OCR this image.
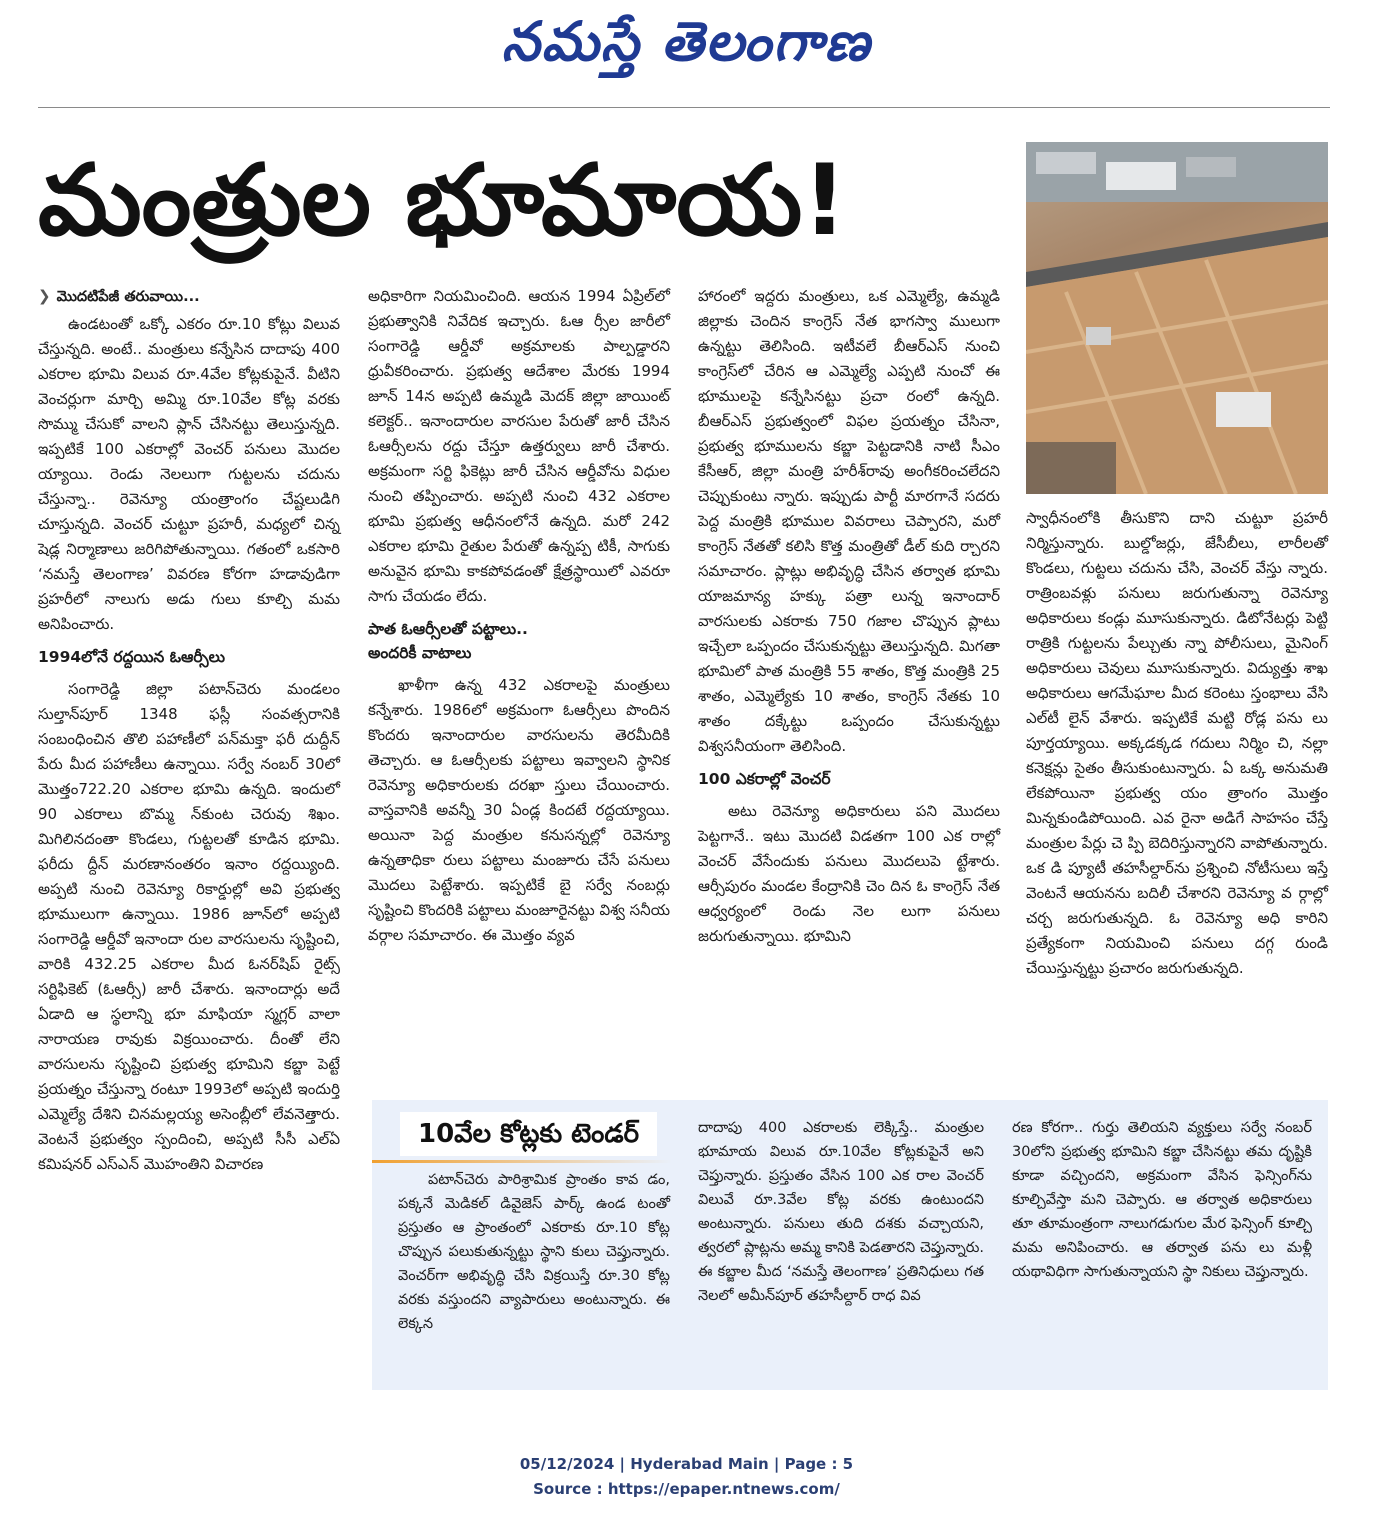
నమస్తే తెలంగాణ
మంత్రుల భూమాయ!
❯ మొదటిపేజీ తరువాయి...

ఉండటంతో ఒక్కో ఎకరం రూ.10 కోట్లు విలువ చేస్తున్నది. అంటే.. మంత్రులు కన్నేసిన దాదాపు 400 ఎకరాల భూమి విలువ రూ.4వేల కోట్లకుపైనే. వీటిని వెంచర్లుగా మార్చి అమ్మి రూ.10వేల కోట్ల వరకు సొమ్ము చేసుకో వాలని ప్లాన్ చేసినట్టు తెలుస్తున్నది. ఇప్పటికే 100 ఎకరాల్లో వెంచర్ పనులు మొదల య్యాయి. రెండు నెలలుగా గుట్టలను చదును చేస్తున్నా.. రెవెన్యూ యంత్రాంగం చేష్టలుడిగి చూస్తున్నది. వెంచర్ చుట్టూ ప్రహరీ, మధ్యలో చిన్న షెడ్ల నిర్మాణాలు జరిగిపోతున్నాయి. గతంలో ఒకసారి ‘నమస్తే తెలంగాణ’ వివరణ కోరగా హడావుడిగా ప్రహరీలో నాలుగు అడు గులు కూల్చి మమ అనిపించారు.

1994లోనే రద్దయిన ఓఆర్సీలు

సంగారెడ్డి జిల్లా పటాన్‌చెరు మండలం సుల్తాన్‌పూర్ 1348 ఫస్లీ సంవత్సరానికి సంబంధించిన తొలి పహాణీలో పన్‌మక్తా ఫరీ దుద్దీన్ పేరు మీద పహాణీలు ఉన్నాయి. సర్వే నంబర్ 30లో మొత్తం722.20 ఎకరాల భూమి ఉన్నది. ఇందులో 90 ఎకరాలు బొమ్మ న్‌కుంట చెరువు శిఖం. మిగిలినదంతా కొండలు, గుట్టలతో కూడిన భూమి. ఫరీదు ద్దీన్ మరణానంతరం ఇనాం రద్దయ్యింది. అప్పటి నుంచి రెవెన్యూ రికార్డుల్లో అవి ప్రభుత్వ భూములుగా ఉన్నాయి. 1986 జూన్‌లో అప్పటి సంగారెడ్డి ఆర్డీవో ఇనాందా రుల వారసులను సృష్టించి, వారికి 432.25 ఎకరాల మీద ఓనర్‌షిప్ రైట్స్ సర్టిఫికెట్ (ఓఆర్సీ) జారీ చేశారు. ఇనాందార్లు అదే ఏడాది ఆ స్థలాన్ని భూ మాఫియా స్మగ్లర్ వాలా నారాయణ రావుకు విక్రయించారు. దీంతో లేని వారసులను సృష్టించి ప్రభుత్వ భూమిని కబ్జా పెట్టే ప్రయత్నం చేస్తున్నా రంటూ 1993లో అప్పటి ఇందుర్తి ఎమ్మెల్యే దేశిని చినమల్లయ్య అసెంబ్లీలో లేవనెత్తారు. వెంటనే ప్రభుత్వం స్పందించి, అప్పటి సీసీ ఎల్ఏ కమిషనర్ ఎస్ఎన్ మొహంతిని విచారణ

అధికారిగా నియమించింది. ఆయన 1994 ఏప్రిల్‌లో ప్రభుత్వానికి నివేదిక ఇచ్చారు. ఓఆ ర్సీల జారీలో సంగారెడ్డి ఆర్డీవో అక్రమాలకు పాల్పడ్డారని ధ్రువీకరించారు. ప్రభుత్వ ఆదేశాల మేరకు 1994 జూన్ 14న అప్పటి ఉమ్మడి మెదక్ జిల్లా జాయింట్ కలెక్టర్.. ఇనాందారుల వారసుల పేరుతో జారీ చేసిన ఓఆర్సీలను రద్దు చేస్తూ ఉత్తర్వులు జారీ చేశారు. అక్రమంగా సర్టి ఫికెట్లు జారీ చేసిన ఆర్డీవోను విధుల నుంచి తప్పించారు. అప్పటి నుంచి 432 ఎకరాల భూమి ప్రభుత్వ ఆధీనంలోనే ఉన్నది. మరో 242 ఎకరాల భూమి రైతుల పేరుతో ఉన్నప్ప టికీ, సాగుకు అనువైన భూమి కాకపోవడంతో క్షేత్రస్థాయిలో ఎవరూ సాగు చేయడం లేదు.

పాత ఓఆర్సీలతో పట్టాలు..
అందరికీ వాటాలు

ఖాళీగా ఉన్న 432 ఎకరాలపై మంత్రులు కన్నేశారు. 1986లో అక్రమంగా ఓఆర్సీలు పొందిన కొందరు ఇనాందారుల వారసులను తెరమీదికి తెచ్చారు. ఆ ఓఆర్సీలకు పట్టాలు ఇవ్వాలని స్థానిక రెవెన్యూ అధికారులకు దరఖా స్తులు చేయించారు. వాస్తవానికి అవన్నీ 30 ఏండ్ల కిందటే రద్దయ్యాయి. అయినా పెద్ద మంత్రుల కనుసన్నల్లో రెవెన్యూ ఉన్నతాధికా రులు పట్టాలు మంజూరు చేసే పనులు మొదలు పెట్టేశారు. ఇప్పటికే బై సర్వే నంబర్లు సృష్టించి కొందరికి పట్టాలు మంజూరైనట్టు విశ్వ సనీయ వర్గాల సమాచారం. ఈ మొత్తం వ్యవ

హారంలో ఇద్దరు మంత్రులు, ఒక ఎమ్మెల్యే, ఉమ్మడి జిల్లాకు చెందిన కాంగ్రెస్ నేత భాగస్వా ములుగా ఉన్నట్టు తెలిసింది. ఇటీవలే బీఆర్ఎస్ నుంచి కాంగ్రెస్‌లో చేరిన ఆ ఎమ్మెల్యే ఎప్పటి నుంచో ఈ భూములపై కన్నేసినట్టు ప్రచా రంలో ఉన్నది. బీఆర్ఎస్ ప్రభుత్వంలో విఫల ప్రయత్నం చేసినా, ప్రభుత్వ భూములను కబ్జా పెట్టడానికి నాటి సీఎం కేసీఆర్, జిల్లా మంత్రి హరీశ్‌రావు అంగీకరించలేదని చెప్పుకుంటు న్నారు. ఇప్పుడు పార్టీ మారగానే సదరు పెద్ద మంత్రికి భూముల వివరాలు చెప్పారని, మరో కాంగ్రెస్ నేతతో కలిసి కొత్త మంత్రితో డీల్ కుది ర్చారని సమాచారం. ప్లాట్లు అభివృద్ధి చేసిన తర్వాత భూమి యాజమాన్య హక్కు పత్రా లున్న ఇనాందార్ వారసులకు ఎకరాకు 750 గజాల చొప్పున ప్లాటు ఇచ్చేలా ఒప్పందం చేసుకున్నట్టు తెలుస్తున్నది. మిగతా భూమిలో పాత మంత్రికి 55 శాతం, కొత్త మంత్రికి 25 శాతం, ఎమ్మెల్యేకు 10 శాతం, కాంగ్రెస్ నేతకు 10 శాతం దక్కేట్టు ఒప్పందం చేసుకున్నట్టు విశ్వసనీయంగా తెలిసింది.

100 ఎకరాల్లో వెంచర్

అటు రెవెన్యూ అధికారులు పని మొదలు పెట్టగానే.. ఇటు మొదటి విడతగా 100 ఎక రాల్లో వెంచర్ వేసేందుకు పనులు మొదలుపె ట్టేశారు. ఆర్సీపురం మండల కేంద్రానికి చెం దిన ఓ కాంగ్రెస్ నేత ఆధ్వర్యంలో రెండు నెల లుగా పనులు జరుగుతున్నాయి. భూమిని

స్వాధీనంలోకి తీసుకొని దాని చుట్టూ ప్రహరీ నిర్మిస్తున్నారు. బుల్డోజర్లు, జేసీబీలు, లారీలతో కొండలు, గుట్టలు చదును చేసి, వెంచర్ వేస్తు న్నారు. రాత్రింబవళ్లు పనులు జరుగుతున్నా రెవెన్యూ అధికారులు కండ్లు మూసుకున్నారు. డిటోనేటర్లు పెట్టి రాత్రికి గుట్టలను పేల్చుతు న్నా పోలీసులు, మైనింగ్ అధికారులు చెవులు మూసుకున్నారు. విద్యుత్తు శాఖ అధికారులు ఆగమేఘాల మీద కరెంటు స్తంభాలు వేసి ఎల్‌టీ లైన్ వేశారు. ఇప్పటికే మట్టి రోడ్ల పను లు పూర్తయ్యాయి. అక్కడక్కడ గదులు నిర్మిం చి, నల్లా కనెక్షన్లు సైతం తీసుకుంటున్నారు. ఏ ఒక్క అనుమతి లేకపోయినా ప్రభుత్వ యం త్రాంగం మొత్తం మిన్నకుండిపోయింది. ఎవ రైనా అడిగే సాహసం చేస్తే మంత్రుల పేర్లు చె ప్పి బెదిరిస్తున్నారని వాపోతున్నారు. ఒక డి ప్యూటీ తహసీల్దార్‌ను ప్రశ్నించి నోటీసులు ఇస్తే వెంటనే ఆయనను బదిలీ చేశారని రెవెన్యూ వ ర్గాల్లో చర్చ జరుగుతున్నది. ఓ రెవెన్యూ అధి కారిని ప్రత్యేకంగా నియమించి పనులు దగ్గ రుండి చేయిస్తున్నట్టు ప్రచారం జరుగుతున్నది.

10వేల కోట్లకు టెండర్

పటాన్‌చెరు పారిశ్రామిక ప్రాంతం కావ డం, పక్కనే మెడికల్ డివైజెస్ పార్క్ ఉండ టంతో ప్రస్తుతం ఆ ప్రాంతంలో ఎకరాకు రూ.10 కోట్ల చొప్పున పలుకుతున్నట్టు స్థాని కులు చెప్తున్నారు. వెంచర్‌గా అభివృద్ధి చేసి విక్రయిస్తే రూ.30 కోట్ల వరకు వస్తుందని వ్యాపారులు అంటున్నారు. ఈ లెక్కన

దాదాపు 400 ఎకరాలకు లెక్కిస్తే.. మంత్రుల భూమాయ విలువ రూ.10వేల కోట్లకుపైనే అని చెప్తున్నారు. ప్రస్తుతం వేసిన 100 ఎక రాల వెంచర్ విలువే రూ.3వేల కోట్ల వరకు ఉంటుందని అంటున్నారు. పనులు తుది దశకు వచ్చాయని, త్వరలో ప్లాట్లను అమ్మ కానికి పెడతారని చెప్తున్నారు. ఈ కబ్జాల మీద ‘నమస్తే తెలంగాణ’ ప్రతినిధులు గత నెలలో అమీన్‌పూర్ తహసీల్దార్ రాధ వివ

రణ కోరగా.. గుర్తు తెలియని వ్యక్తులు సర్వే నంబర్ 30లోని ప్రభుత్వ భూమిని కబ్జా చేసినట్టు తమ దృష్టికి కూడా వచ్చిందని, అక్రమంగా వేసిన ఫెన్సింగ్‌ను కూల్చివేస్తా మని చెప్పారు. ఆ తర్వాత అధికారులు తూ తూమంత్రంగా నాలుగడుగుల మేర ఫెన్సింగ్ కూల్చి మమ అనిపించారు. ఆ తర్వాత పను లు మళ్లీ యథావిధిగా సాగుతున్నాయని స్థా నికులు చెప్తున్నారు.

05/12/2024 | Hyderabad Main | Page : 5
Source : https://epaper.ntnews.com/
